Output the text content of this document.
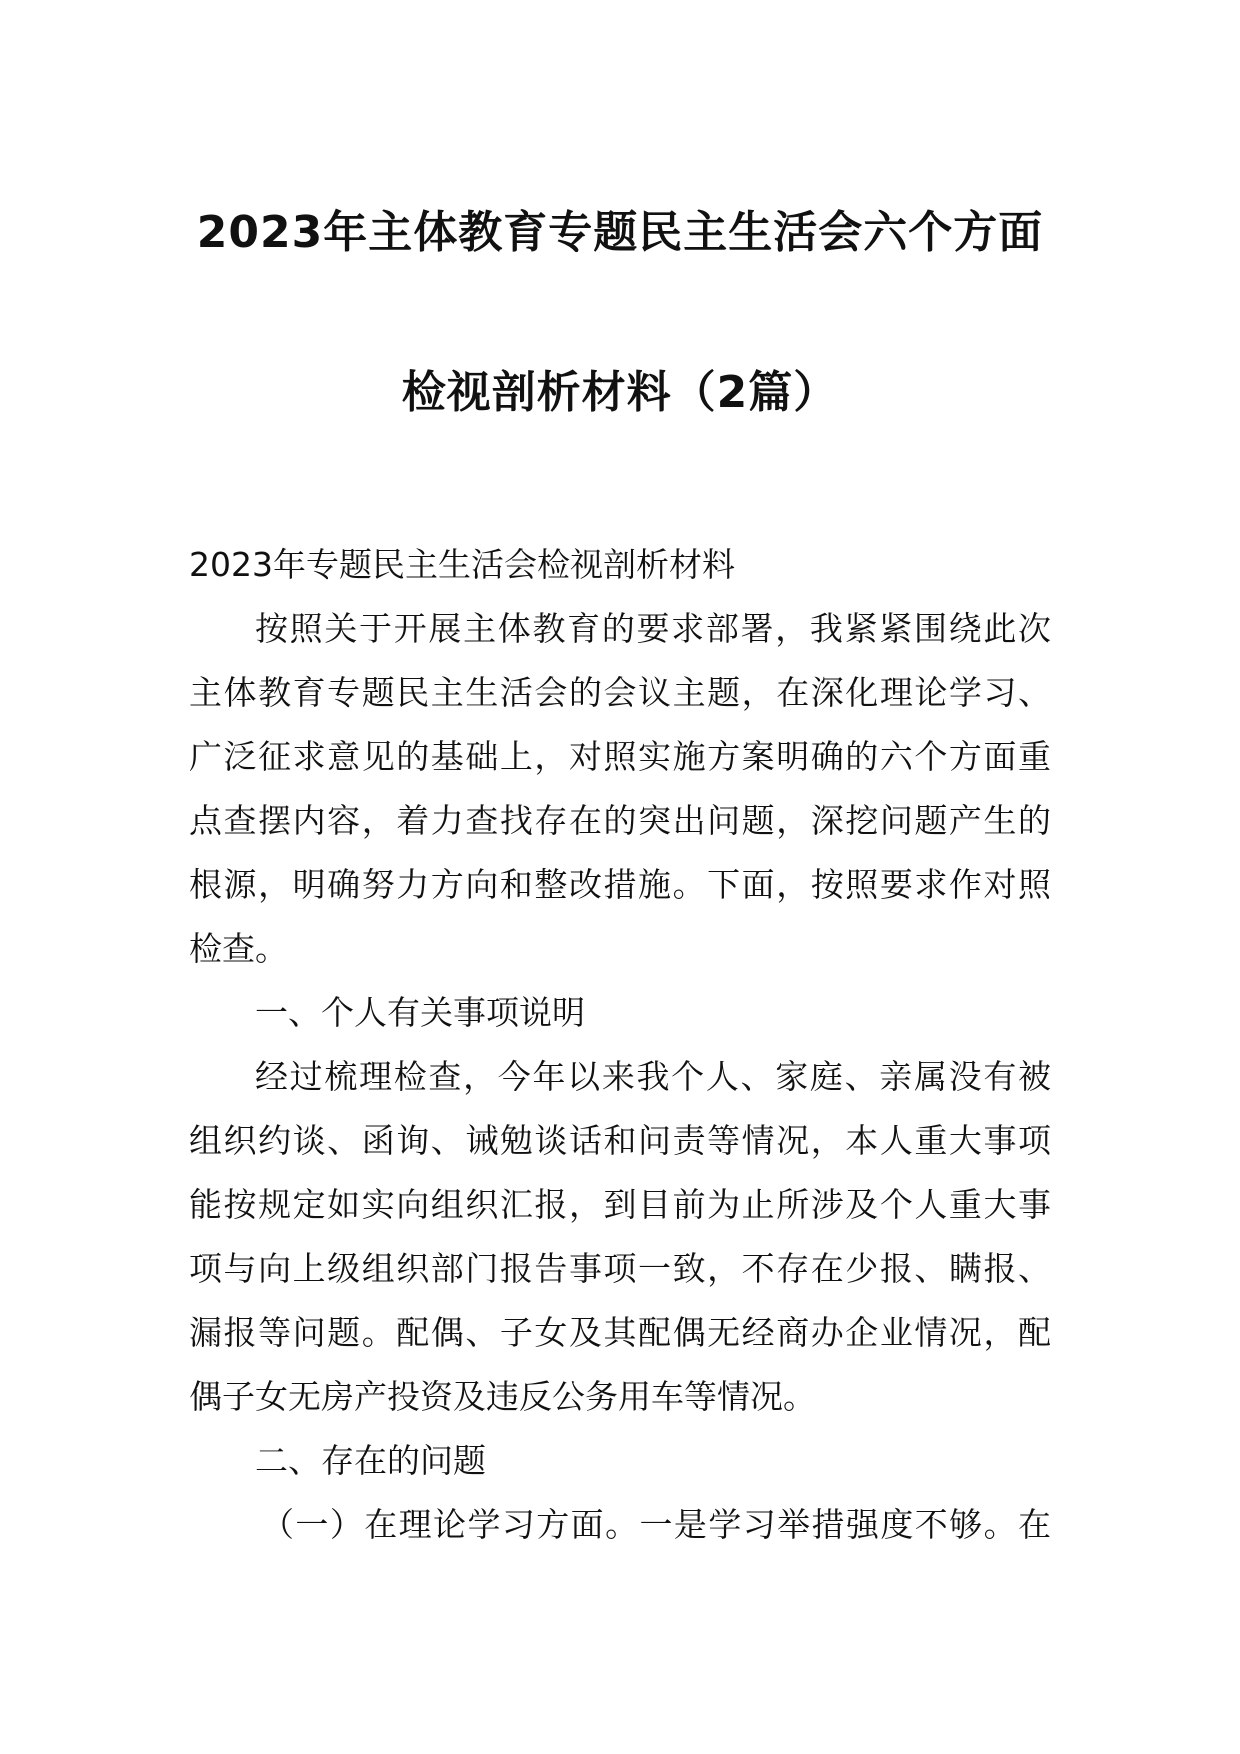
2023年主体教育专题民主生活会六个方面
检视剖析材料（2篇）
2023年专题民主生活会检视剖析材料
按照关于开展主体教育的要求部署，我紧紧围绕此次
主体教育专题民主生活会的会议主题，在深化理论学习、
广泛征求意见的基础上，对照实施方案明确的六个方面重
点查摆内容，着力查找存在的突出问题，深挖问题产生的
根源，明确努力方向和整改措施。下面，按照要求作对照
检查。
一、个人有关事项说明
经过梳理检查，今年以来我个人、家庭、亲属没有被
组织约谈、函询、诫勉谈话和问责等情况，本人重大事项
能按规定如实向组织汇报，到目前为止所涉及个人重大事
项与向上级组织部门报告事项一致，不存在少报、瞒报、
漏报等问题。配偶、子女及其配偶无经商办企业情况，配
偶子女无房产投资及违反公务用车等情况。
二、存在的问题
（一）在理论学习方面。一是学习举措强度不够。在
